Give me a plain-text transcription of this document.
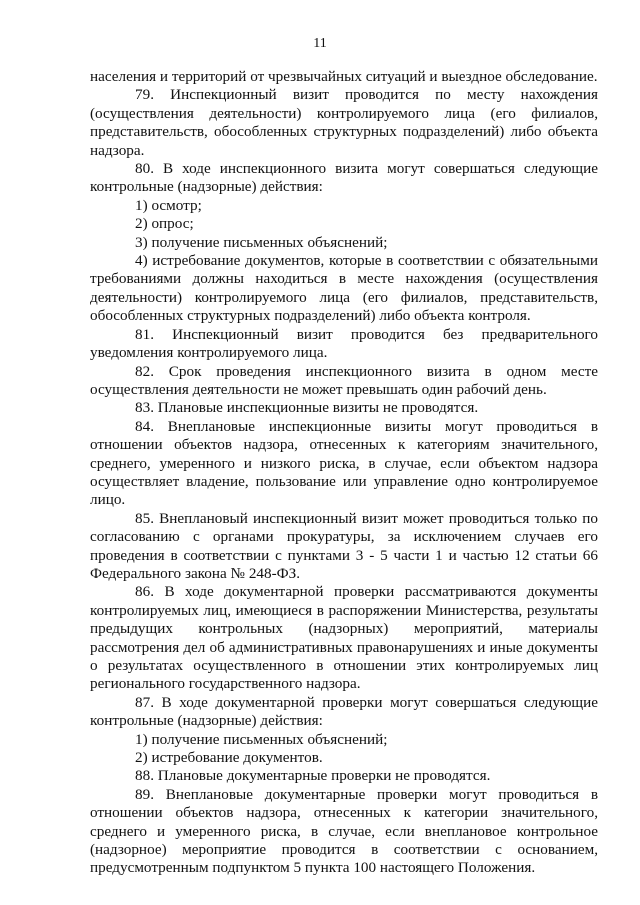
11

населения и территорий от чрезвычайных ситуаций и выездное обследование.

79. Инспекционный визит проводится по месту нахождения (осуществления деятельности) контролируемого лица (его филиалов, представительств, обособленных структурных подразделений) либо объекта надзора.

80. В ходе инспекционного визита могут совершаться следующие контрольные (надзорные) действия:

1) осмотр;

2) опрос;

3) получение письменных объяснений;

4) истребование документов, которые в соответствии с обязательными требованиями должны находиться в месте нахождения (осуществления деятельности) контролируемого лица (его филиалов, представительств, обособленных структурных подразделений) либо объекта контроля.

81. Инспекционный визит проводится без предварительного уведомления контролируемого лица.

82. Срок проведения инспекционного визита в одном месте осуществления деятельности не может превышать один рабочий день.

83. Плановые инспекционные визиты не проводятся.

84. Внеплановые инспекционные визиты могут проводиться в отношении объектов надзора, отнесенных к категориям значительного, среднего, умеренного и низкого риска, в случае, если объектом надзора осуществляет владение, пользование или управление одно контролируемое лицо.

85. Внеплановый инспекционный визит может проводиться только по согласованию с органами прокуратуры, за исключением случаев его проведения в соответствии с пунктами 3 - 5 части 1 и частью 12 статьи 66 Федерального закона № 248-ФЗ.

86. В ходе документарной проверки рассматриваются документы контролируемых лиц, имеющиеся в распоряжении Министерства, результаты предыдущих контрольных (надзорных) мероприятий, материалы рассмотрения дел об административных правонарушениях и иные документы о результатах осуществленного в отношении этих контролируемых лиц регионального государственного надзора.

87. В ходе документарной проверки могут совершаться следующие контрольные (надзорные) действия:

1) получение письменных объяснений;

2) истребование документов.

88. Плановые документарные проверки не проводятся.

89. Внеплановые документарные проверки могут проводиться в отношении объектов надзора, отнесенных к категории значительного, среднего и умеренного риска, в случае, если внеплановое контрольное (надзорное) мероприятие проводится в соответствии с основанием, предусмотренным подпунктом 5 пункта 100 настоящего Положения.
